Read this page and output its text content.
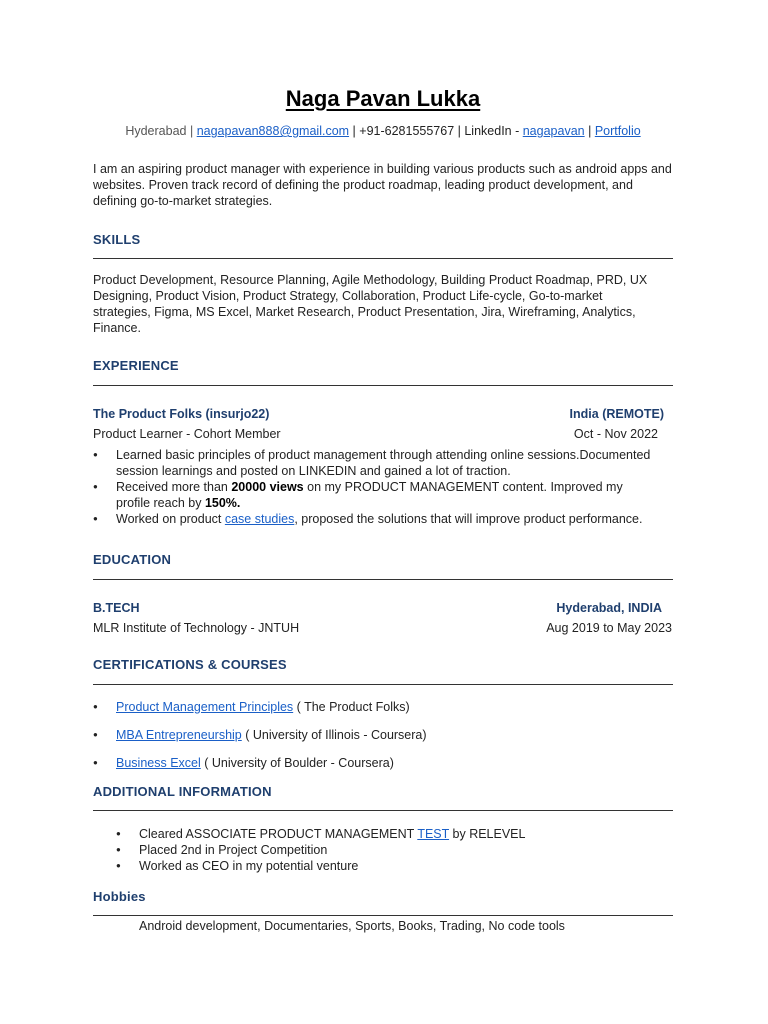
Naga Pavan Lukka
Hyderabad | nagapavan888@gmail.com | +91-6281555767 | LinkedIn - nagapavan | Portfolio
I am an aspiring product manager with experience in building various products such as android apps and websites. Proven track record of defining the product roadmap, leading product development, and defining go-to-market strategies.
SKILLS
Product Development, Resource Planning, Agile Methodology, Building Product Roadmap, PRD, UX Designing, Product Vision, Product Strategy, Collaboration, Product Life-cycle, Go-to-market strategies, Figma, MS Excel, Market Research, Product Presentation, Jira, Wireframing, Analytics, Finance.
EXPERIENCE
The Product Folks (insurjo22)	India (REMOTE)
Product Learner - Cohort Member	Oct - Nov 2022
● Learned basic principles of product management through attending online sessions.Documented session learnings and posted on LINKEDIN and gained a lot of traction.
● Received more than 20000 views on my PRODUCT MANAGEMENT content. Improved my profile reach by 150%.
● Worked on product case studies, proposed the solutions that will improve product performance.
EDUCATION
B.TECH	Hyderabad, INDIA
MLR Institute of Technology - JNTUH	Aug 2019 to May 2023
CERTIFICATIONS & COURSES
● Product Management Principles ( The Product Folks)
● MBA Entrepreneurship ( University of Illinois - Coursera)
● Business Excel ( University of Boulder - Coursera)
ADDITIONAL INFORMATION
● Cleared ASSOCIATE PRODUCT MANAGEMENT TEST by RELEVEL
● Placed 2nd in Project Competition
● Worked as CEO in my potential venture
Hobbies
Android development, Documentaries, Sports, Books, Trading, No code tools
